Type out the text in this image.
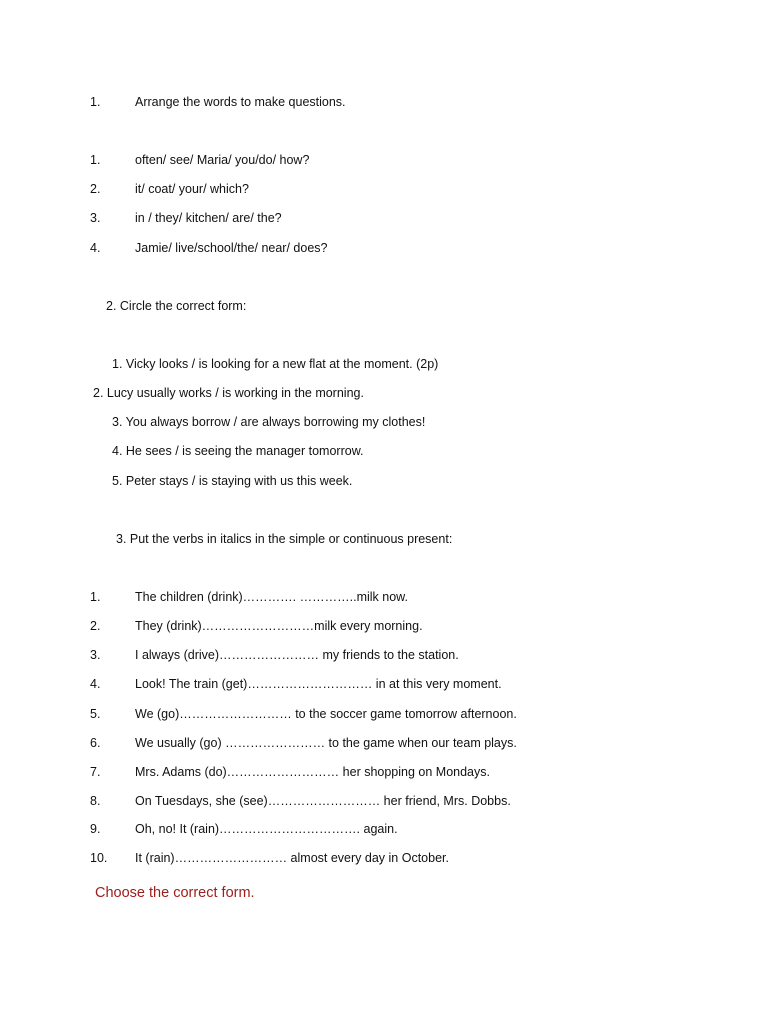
1.	Arrange the words to make questions.
1.	often/ see/ Maria/ you/do/ how?
2.	it/ coat/ your/ which?
3.	in / they/ kitchen/ are/ the?
4.	Jamie/ live/school/the/ near/ does?
2. Circle the correct form:
1. Vicky looks / is looking for a new flat at the moment. (2p)
2. Lucy usually works / is working in the morning.
3. You always borrow / are always borrowing my clothes!
4. He sees / is seeing the manager tomorrow.
5. Peter stays / is staying with us this week.
3. Put the verbs in italics in the simple or continuous present:
1.	The children (drink)…………. …………..milk now.
2.	They (drink)………………………milk every morning.
3.	I always (drive)…………………… my friends to the station.
4.	Look! The train (get)………………………… in at this very moment.
5.	We (go)……………………… to the soccer game tomorrow afternoon.
6.	We usually (go) …………………… to the game when our team plays.
7.	Mrs. Adams (do)……………………… her shopping on Mondays.
8.	On Tuesdays, she (see)……………………… her friend, Mrs. Dobbs.
9.	Oh, no! It (rain)……………………………. again.
10. It (rain)……………………… almost every day in October.
Choose the correct form.
